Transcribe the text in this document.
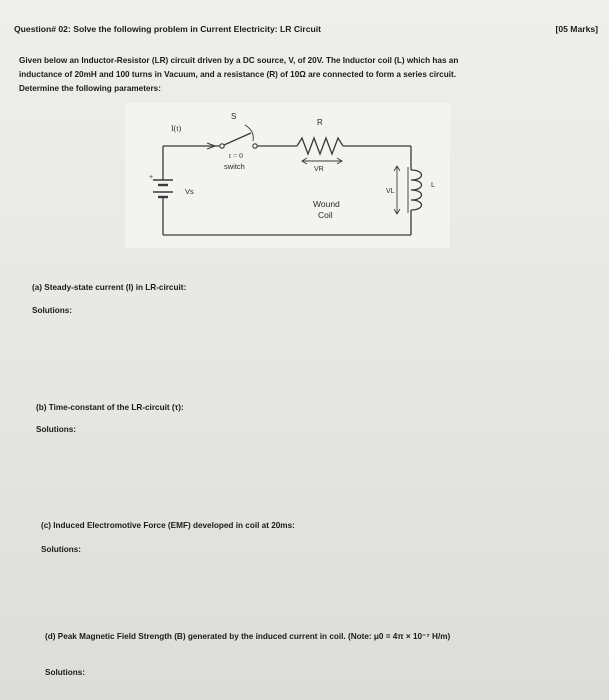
Question# 02: Solve the following problem in Current Electricity: LR Circuit	[05 Marks]
Given below an Inductor-Resistor (LR) circuit driven by a DC source, V, of 20V. The Inductor coil (L) which has an
inductance of 20mH and 100 turns in Vacuum, and a resistance (R) of 10Ω are connected to form a series circuit.
Determine the following parameters:
+
I(t)
S
t = 0
switch
Vs
R
VR
Wound
Coil
VL
L
(a) Steady-state current (I) in LR-circuit:
Solutions:
(b) Time-constant of the LR-circuit (τ):
Solutions:
(c) Induced Electromotive Force (EMF) developed in coil at 20ms:
Solutions:
(d) Peak Magnetic Field Strength (B) generated by the induced current in coil. (Note: μ0 = 4π × 10⁻⁷ H/m)
Solutions:
